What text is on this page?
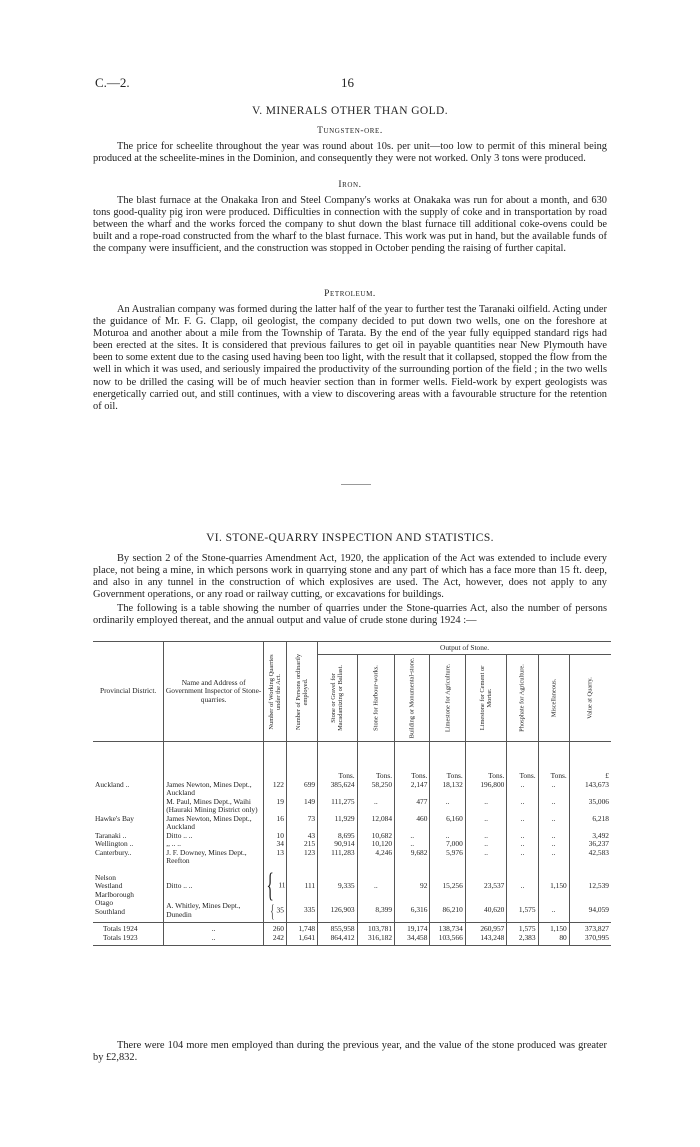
C.—2.	16
V. MINERALS OTHER THAN GOLD.
Tungsten-ore.

The price for scheelite throughout the year was round about 10s. per unit—too low to permit of this mineral being produced at the scheelite-mines in the Dominion, and consequently they were not worked. Only 3 tons were produced.

Iron.

The blast furnace at the Onakaka Iron and Steel Company's works at Onakaka was run for about a month, and 630 tons good-quality pig iron were produced. Difficulties in connection with the supply of coke and in transportation by road between the wharf and the works forced the company to shut down the blast furnace till additional coke-ovens could be built and a rope-road constructed from the wharf to the blast furnace. This work was put in hand, but the available funds of the company were insufficient, and the construction was stopped in October pending the raising of further capital.

Petroleum.

An Australian company was formed during the latter half of the year to further test the Taranaki oilfield. Acting under the guidance of Mr. F. G. Clapp, oil geologist, the company decided to put down two wells, one on the foreshore at Moturoa and another about a mile from the Township of Tarata. By the end of the year fully equipped standard rigs had been erected at the sites. It is considered that previous failures to get oil in payable quantities near New Plymouth have been to some extent due to the casing used having been too light, with the result that it collapsed, stopped the flow from the well in which it was used, and seriously impaired the productivity of the surrounding portion of the field ; in the two wells now to be drilled the casing will be of much heavier section than in former wells. Field-work by expert geologists was energetically carried out, and still continues, with a view to discovering areas with a favourable structure for the retention of oil.

VI. STONE-QUARRY INSPECTION AND STATISTICS.

By section 2 of the Stone-quarries Amendment Act, 1920, the application of the Act was extended to include every place, not being a mine, in which persons work in quarrying stone and any part of which has a face more than 15 ft. deep, and also in any tunnel in the construction of which explosives are used. The Act, however, does not apply to any Government operations, or any road or railway cutting, or excavations for buildings.

The following is a table showing the number of quarries under the Stone-quarries Act, also the number of persons ordinarily employed thereat, and the annual output and value of crude stone during 1924 :—

Provincial District.	Name and Address of Government Inspector of Stone-quarries.	Number of Working Quarries under the Act.	Number of Persons ordinarily employed.	Output of Stone.							

				Stone or Gravel for Macadamizing or Ballast.	Stone for Harbour-works.	Building or Monumental-stone.	Limestone for Agriculture.	Limestone for Cement or Mortar.	Phosphate for Agriculture.	Miscellaneous.	Value at Quarry.

				Tons.	Tons.	Tons.	Tons.	Tons.	Tons.	Tons.	£
Auckland ..	James Newton, Mines Dept., Auckland	122	699	385,624	58,250	2,147	18,132	196,800	..	..	143,673
	M. Paul, Mines Dept., Waihi (Hauraki Mining District only)	19	149	111,275	..	477	..	..	..	..	35,006
Hawke's Bay	James Newton, Mines Dept., Auckland	16	73	11,929	12,084	460	6,160	..	..	..	6,218
Taranaki ..	Ditto .. ..	10	43	8,695	10,682	..	..	..	..	..	3,492
Wellington ..	,, .. ..	34	215	90,914	10,120	..	7,000	..	..	..	36,237
Canterbury..	J. F. Downey, Mines Dept., Reefton	13	123	111,283	4,246	9,682	5,976	..	..	..	42,583

Nelson
Westland
Marlborough	Ditto .. ..	{ 11	111	9,335	..	92	15,256	23,537	..	1,150	12,539

Otago
Southland	A. Whitley, Mines Dept., Dunedin	{ 35	335	126,903	8,399	6,316	86,210	40,620	1,575	..	94,059
Totals 1924	..	260	1,748	855,958	103,781	19,174	138,734	260,957	1,575	1,150	373,827
Totals 1923	..	242	1,641	864,412	316,182	34,458	103,566	143,248	2,383	80	370,995

There were 104 more men employed than during the previous year, and the value of the stone produced was greater by £2,832.
